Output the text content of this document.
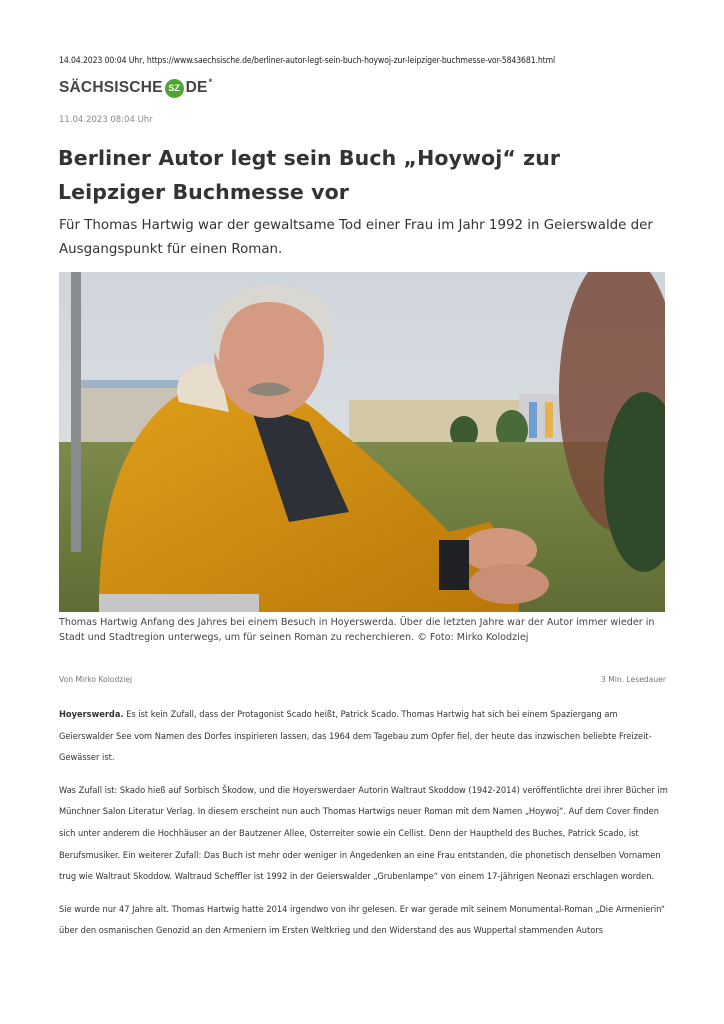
14.04.2023 00:04 Uhr, https://www.saechsische.de/berliner-autor-legt-sein-buch-hoywoj-zur-leipziger-buchmesse-vor-5843681.html
SÄCHSISCHE SZ DE *
11.04.2023 08:04 Uhr
Berliner Autor legt sein Buch „Hoywoj“ zur Leipziger Buchmesse vor

Für Thomas Hartwig war der gewaltsame Tod einer Frau im Jahr 1992 in Geierswalde der Ausgangspunkt für einen Roman.

Thomas Hartwig Anfang des Jahres bei einem Besuch in Hoyerswerda. Über die letzten Jahre war der Autor immer wieder in Stadt und Stadtregion unterwegs, um für seinen Roman zu recherchieren. © Foto: Mirko Kolodziej

Von Mirko Kolodziej	3 Min. Lesedauer

Hoyerswerda. Es ist kein Zufall, dass der Protagonist Scado heißt, Patrick Scado. Thomas Hartwig hat sich bei einem Spaziergang am Geierswalder See vom Namen des Dorfes inspirieren lassen, das 1964 dem Tagebau zum Opfer fiel, der heute das inzwischen beliebte Freizeit-Gewässer ist.

Was Zufall ist: Skado hieß auf Sorbisch Škodow, und die Hoyerswerdaer Autorin Waltraut Skoddow (1942-2014) veröffentlichte drei ihrer Bücher im Münchner Salon Literatur Verlag. In diesem erscheint nun auch Thomas Hartwigs neuer Roman mit dem Namen „Hoywoj“. Auf dem Cover finden sich unter anderem die Hochhäuser an der Bautzener Allee, Osterreiter sowie ein Cellist. Denn der Hauptheld des Buches, Patrick Scado, ist Berufsmusiker. Ein weiterer Zufall: Das Buch ist mehr oder weniger in Angedenken an eine Frau entstanden, die phonetisch denselben Vornamen trug wie Waltraut Skoddow. Waltraud Scheffler ist 1992 in der Geierswalder „Grubenlampe“ von einem 17-jährigen Neonazi erschlagen worden.

Sie wurde nur 47 Jahre alt. Thomas Hartwig hatte 2014 irgendwo von ihr gelesen. Er war gerade mit seinem Monumental-Roman „Die Armenierin“ über den osmanischen Genozid an den Armeniern im Ersten Weltkrieg und den Widerstand des aus Wuppertal stammenden Autors
